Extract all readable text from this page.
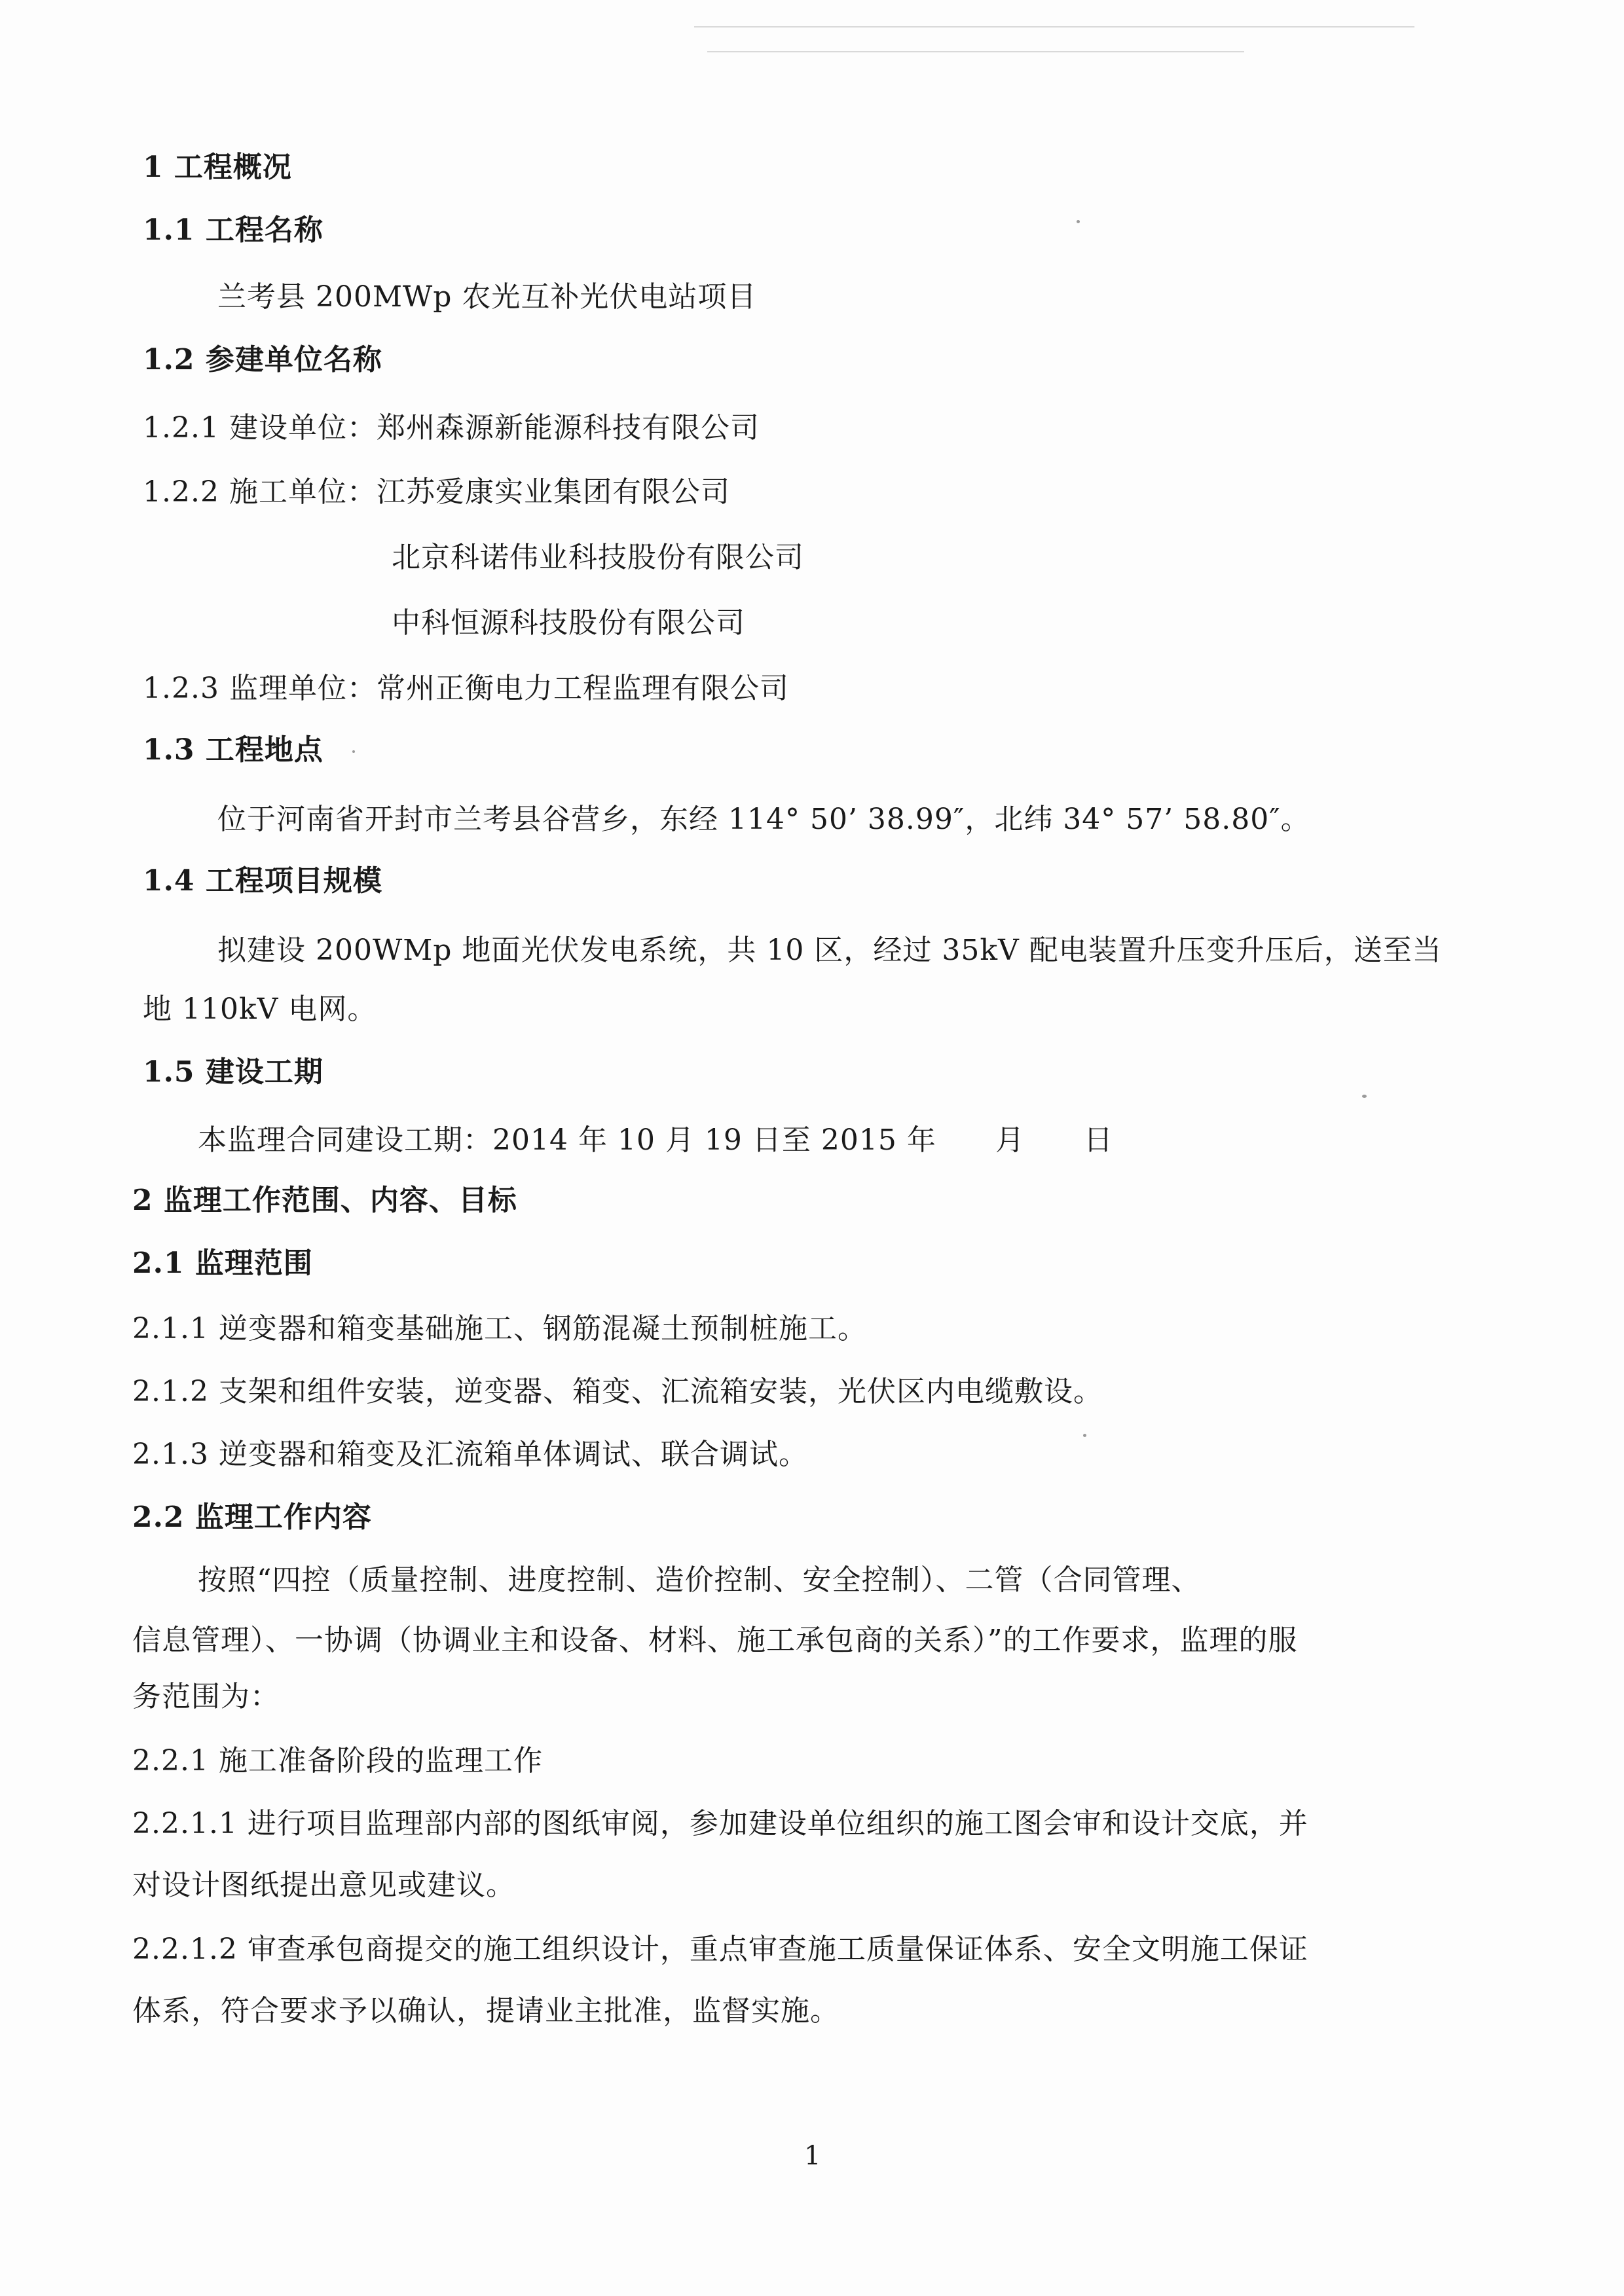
1 工程概况
1.1 工程名称
兰考县 200MWp 农光互补光伏电站项目
1.2 参建单位名称
1.2.1 建设单位：郑州森源新能源科技有限公司
1.2.2 施工单位：江苏爱康实业集团有限公司
北京科诺伟业科技股份有限公司
中科恒源科技股份有限公司
1.2.3 监理单位：常州正衡电力工程监理有限公司
1.3 工程地点
位于河南省开封市兰考县谷营乡，东经 114° 50’ 38.99″，北纬 34° 57’ 58.80″。
1.4 工程项目规模
拟建设 200WMp 地面光伏发电系统，共 10 区，经过 35kV 配电装置升压变升压后，送至当
地 110kV 电网。
1.5 建设工期
本监理合同建设工期：2014 年 10 月 19 日至 2015 年　　月　　日
2 监理工作范围、内容、目标
2.1 监理范围
2.1.1 逆变器和箱变基础施工、钢筋混凝土预制桩施工。
2.1.2 支架和组件安装，逆变器、箱变、汇流箱安装，光伏区内电缆敷设。
2.1.3 逆变器和箱变及汇流箱单体调试、联合调试。
2.2 监理工作内容
按照“四控（质量控制、进度控制、造价控制、安全控制）、二管（合同管理、
信息管理）、一协调（协调业主和设备、材料、施工承包商的关系）”的工作要求，监理的服
务范围为：
2.2.1 施工准备阶段的监理工作
2.2.1.1 进行项目监理部内部的图纸审阅，参加建设单位组织的施工图会审和设计交底，并
对设计图纸提出意见或建议。
2.2.1.2 审查承包商提交的施工组织设计，重点审查施工质量保证体系、安全文明施工保证
体系，符合要求予以确认，提请业主批准，监督实施。
1
